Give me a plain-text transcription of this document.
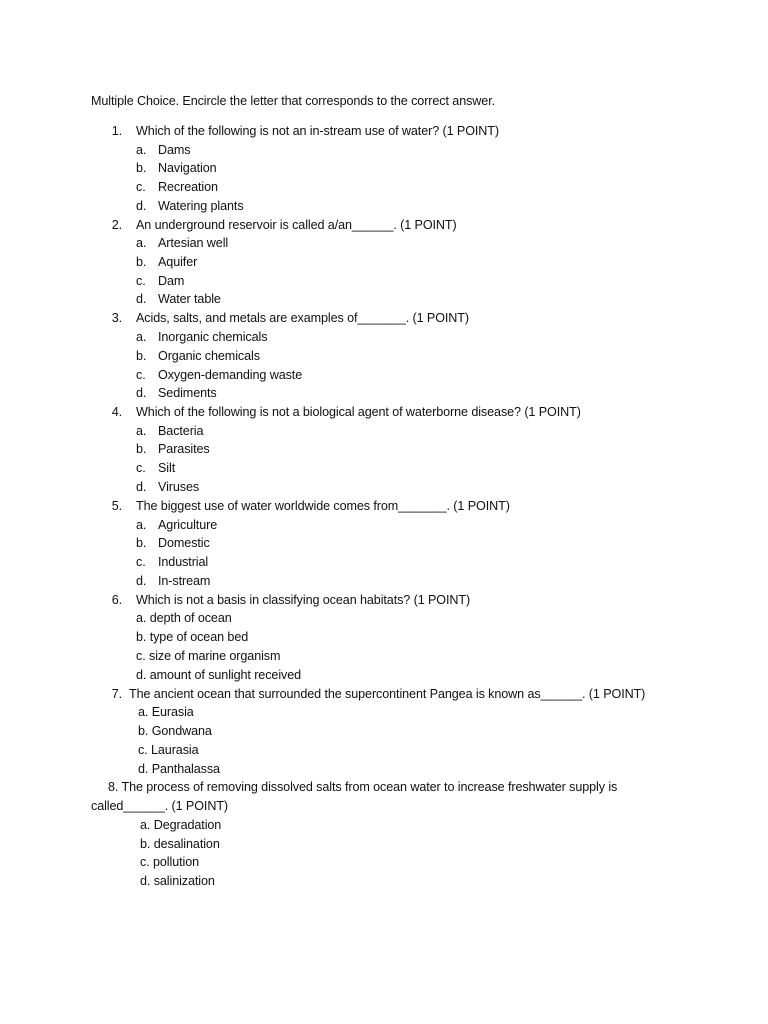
Multiple Choice. Encircle the letter that corresponds to the correct answer.
1. Which of the following is not an in-stream use of water? (1 POINT)
a. Dams
b. Navigation
c. Recreation
d. Watering plants
2. An underground reservoir is called a/an______. (1 POINT)
a. Artesian well
b. Aquifer
c. Dam
d. Water table
3. Acids, salts, and metals are examples of_______. (1 POINT)
a. Inorganic chemicals
b. Organic chemicals
c. Oxygen-demanding waste
d. Sediments
4. Which of the following is not a biological agent of waterborne disease? (1 POINT)
a. Bacteria
b. Parasites
c. Silt
d. Viruses
5. The biggest use of water worldwide comes from_______. (1 POINT)
a. Agriculture
b. Domestic
c. Industrial
d. In-stream
6. Which is not a basis in classifying ocean habitats? (1 POINT)
a. depth of ocean
b. type of ocean bed
c. size of marine organism
d. amount of sunlight received
7. The ancient ocean that surrounded the supercontinent Pangea is known as______. (1 POINT)
a. Eurasia
b. Gondwana
c. Laurasia
d. Panthalassa
8. The process of removing dissolved salts from ocean water to increase freshwater supply is
called______. (1 POINT)
a. Degradation
b. desalination
c. pollution
d. salinization
